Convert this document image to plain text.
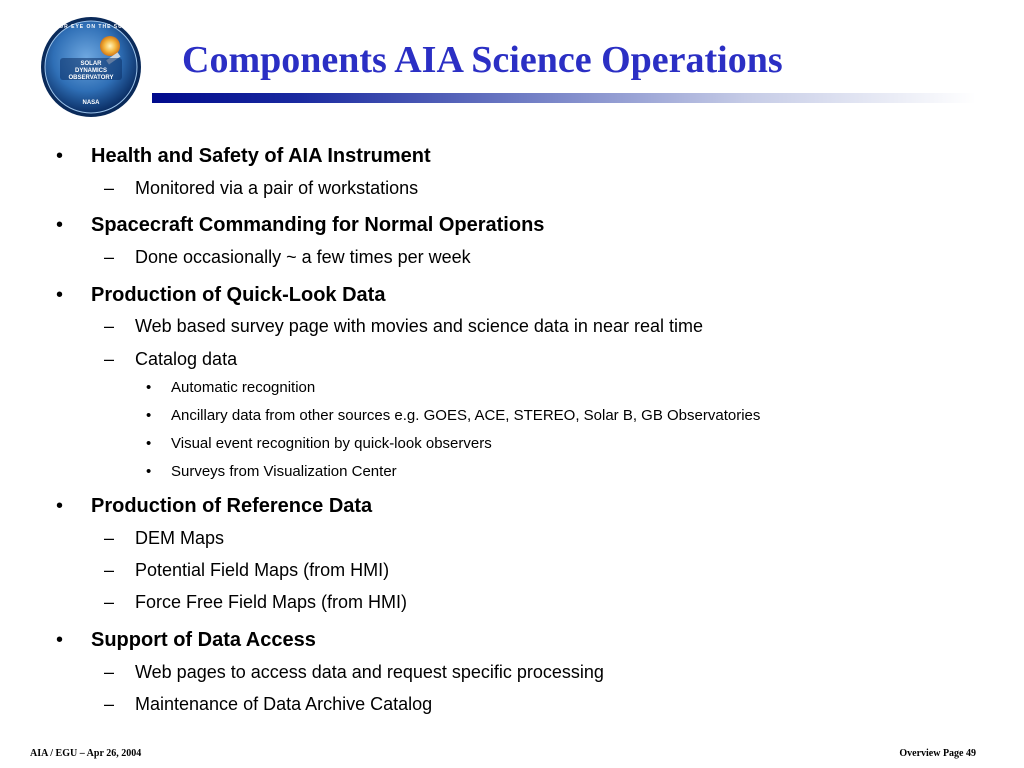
OUR EYE ON THE SUN
SOLAR
DYNAMICS
OBSERVATORY
NASA
Components AIA Science Operations
• Health and Safety of AIA Instrument
– Monitored via a pair of workstations
• Spacecraft Commanding for Normal Operations
– Done occasionally ~ a few times per week
• Production of Quick-Look Data
– Web based survey page with movies and science data in near real time
– Catalog data
• Automatic recognition
• Ancillary data from other sources e.g. GOES, ACE, STEREO, Solar B, GB Observatories
• Visual event recognition by quick-look observers
• Surveys from Visualization Center
• Production of Reference Data
– DEM Maps
– Potential Field Maps (from HMI)
– Force Free Field Maps (from HMI)
• Support of Data Access
– Web pages to access data and request specific processing
– Maintenance of Data Archive Catalog
AIA / EGU – Apr 26, 2004	Overview Page 49
